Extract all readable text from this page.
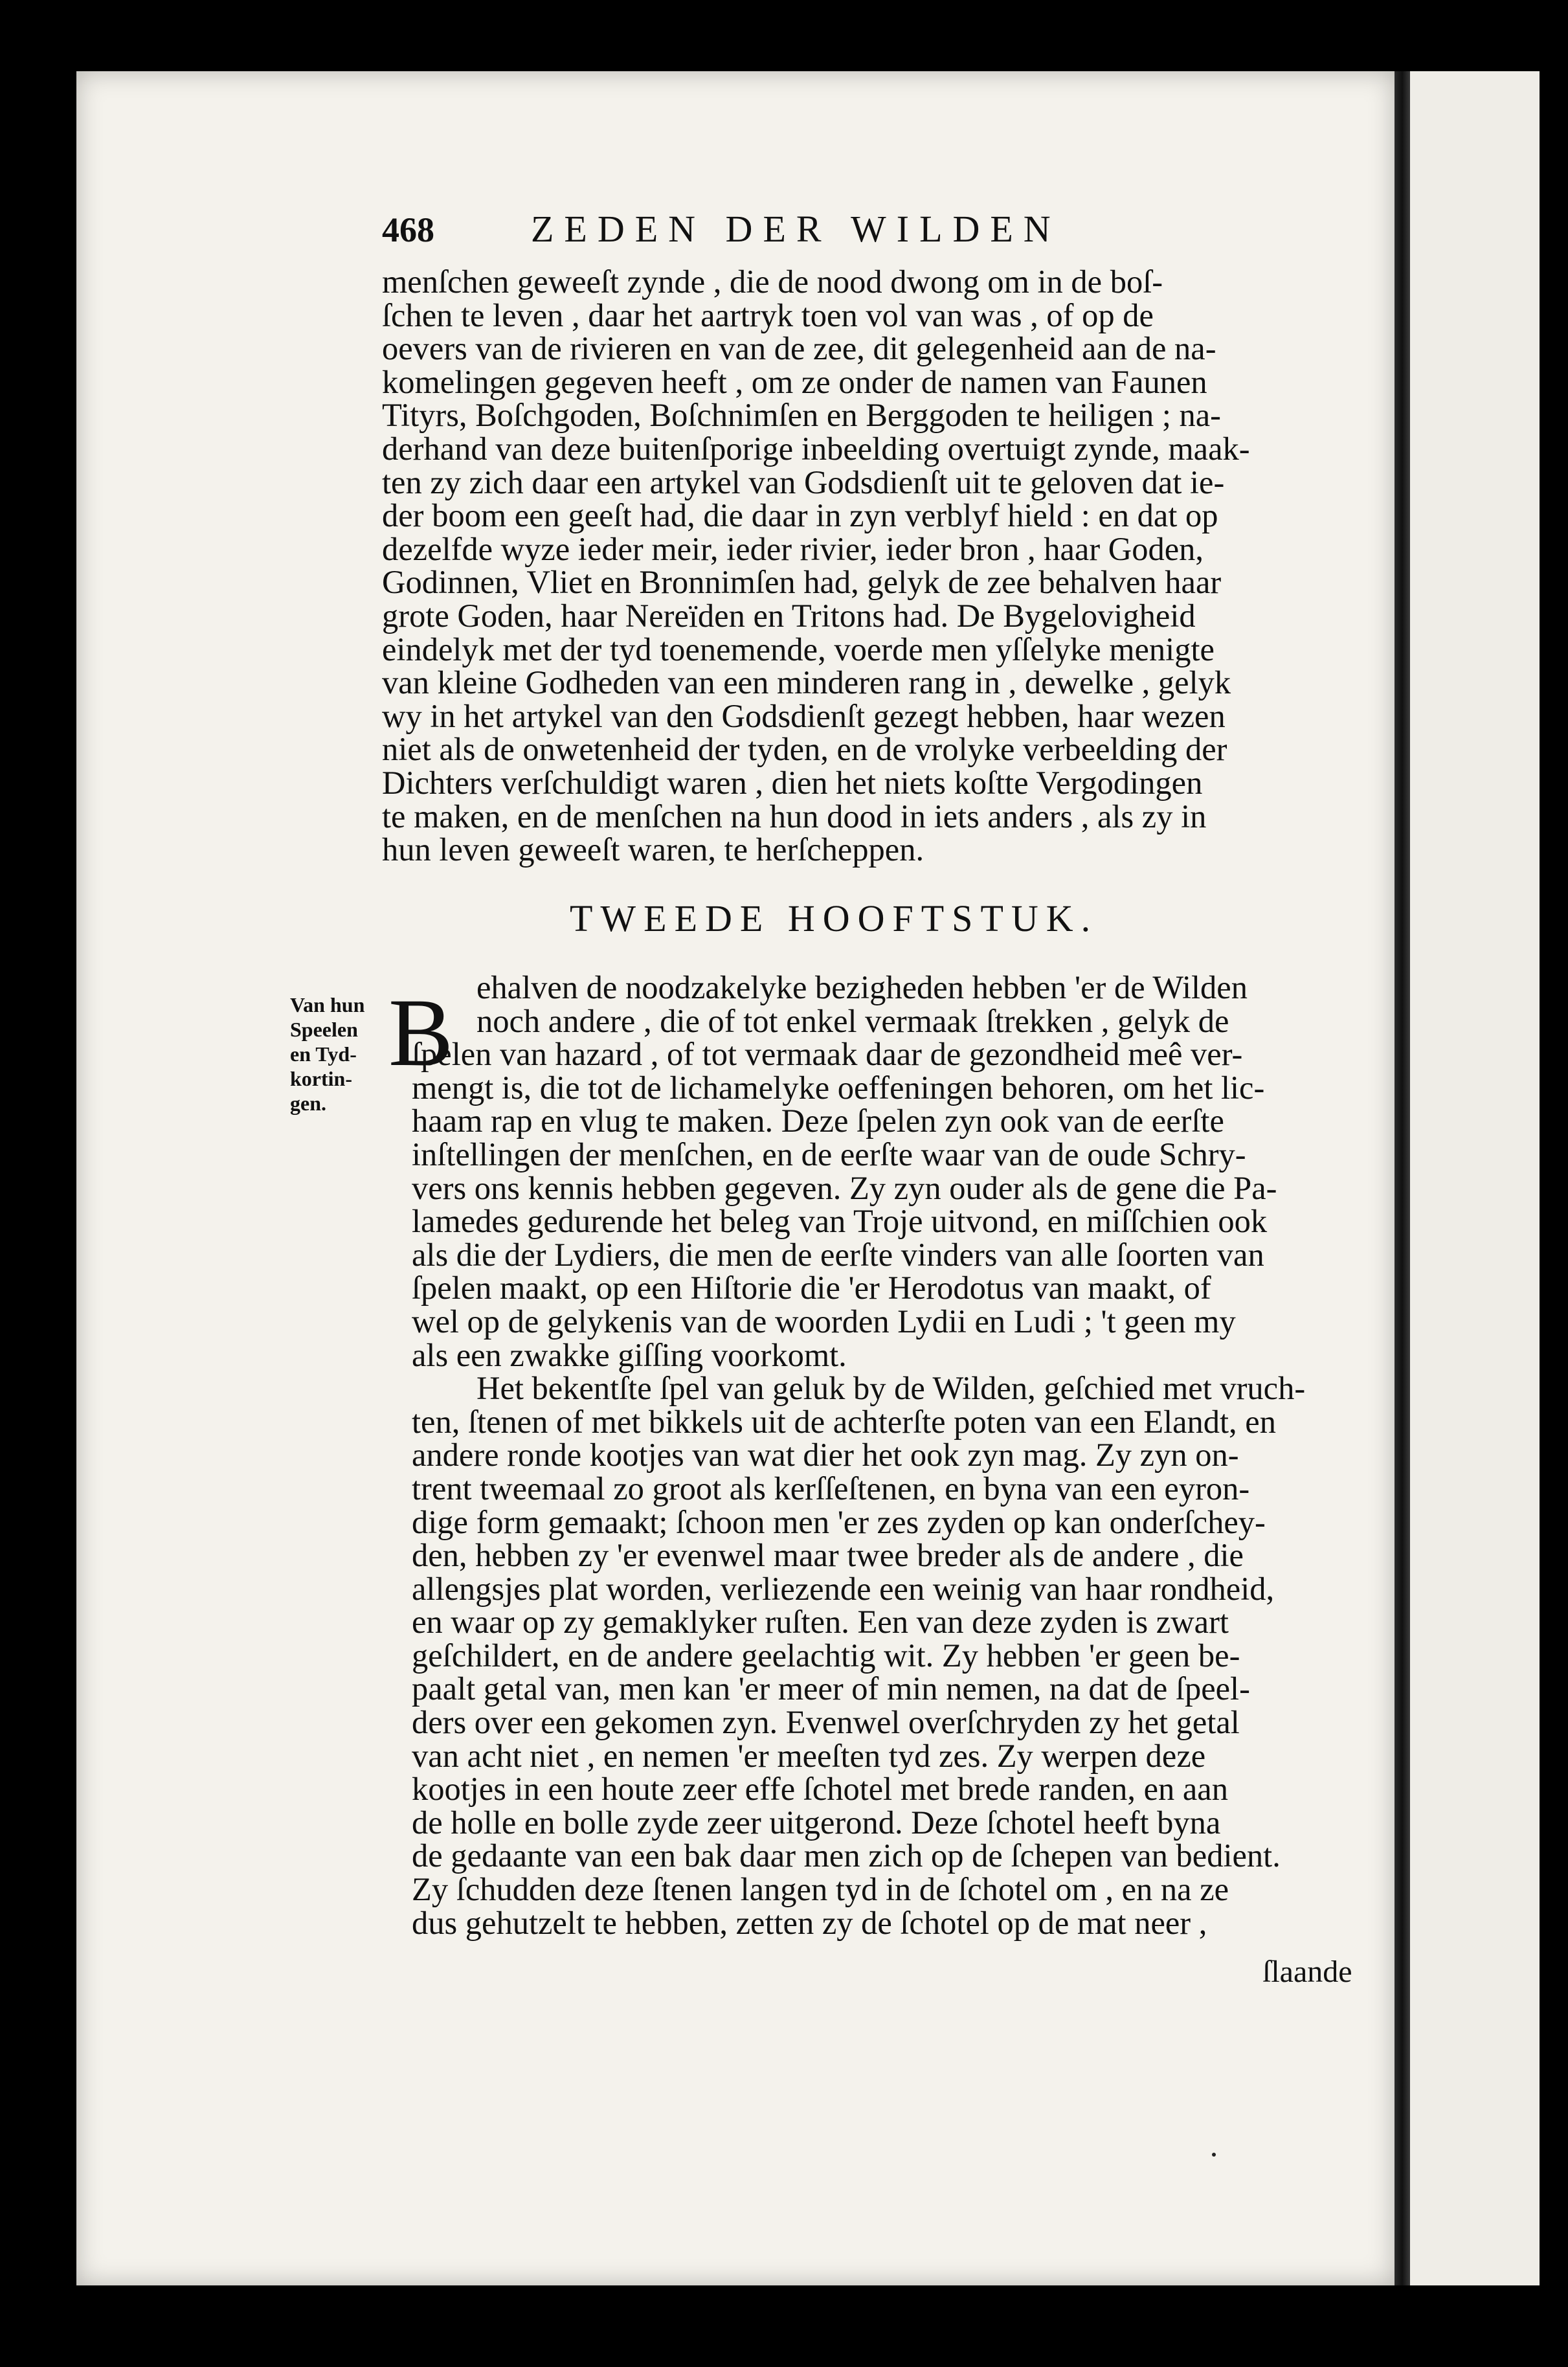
468	ZEDEN DER WILDEN
menſchen geweeſt zynde , die de nood dwong om in de boſ-
ſchen te leven , daar het aartryk toen vol van was , of op de
oevers van de rivieren en van de zee, dit gelegenheid aan de na-
komelingen gegeven heeft , om ze onder de namen van Faunen
Tityrs, Boſchgoden, Boſchnimſen en Berggoden te heiligen ; na-
derhand van deze buitenſporige inbeelding overtuigt zynde, maak-
ten zy zich daar een artykel van Godsdienſt uit te geloven dat ie-
der boom een geeſt had, die daar in zyn verblyf hield : en dat op
dezelfde wyze ieder meir, ieder rivier, ieder bron , haar Goden,
Godinnen, Vliet en Bronnimſen had, gelyk de zee behalven haar
grote Goden, haar Nereïden en Tritons had. De Bygelovigheid
eindelyk met der tyd toenemende, voerde men yſſelyke menigte
van kleine Godheden van een minderen rang in , dewelke , gelyk
wy in het artykel van den Godsdienſt gezegt hebben, haar wezen
niet als de onwetenheid der tyden, en de vrolyke verbeelding der
Dichters verſchuldigt waren , dien het niets koſtte Vergodingen
te maken, en de menſchen na hun dood in iets anders , als zy in
hun leven geweeſt waren, te herſcheppen.
TWEEDE HOOFTSTUK.
Van hun
Speelen
en Tyd-
kortin-
gen.
B ehalven de noodzakelyke bezigheden hebben 'er de Wilden
noch andere , die of tot enkel vermaak ſtrekken , gelyk de
ſpelen van hazard , of tot vermaak daar de gezondheid meê ver-
mengt is, die tot de lichamelyke oeffeningen behoren, om het lic-
haam rap en vlug te maken. Deze ſpelen zyn ook van de eerſte
inſtellingen der menſchen, en de eerſte waar van de oude Schry-
vers ons kennis hebben gegeven. Zy zyn ouder als de gene die Pa-
lamedes gedurende het beleg van Troje uitvond, en miſſchien ook
als die der Lydiers, die men de eerſte vinders van alle ſoorten van
ſpelen maakt, op een Hiſtorie die 'er Herodotus van maakt, of
wel op de gelykenis van de woorden Lydii en Ludi ; 't geen my
als een zwakke giſſing voorkomt.
Het bekentſte ſpel van geluk by de Wilden, geſchied met vruch-
ten, ſtenen of met bikkels uit de achterſte poten van een Elandt, en
andere ronde kootjes van wat dier het ook zyn mag. Zy zyn on-
trent tweemaal zo groot als kerſſeſtenen, en byna van een eyron-
dige form gemaakt; ſchoon men 'er zes zyden op kan onderſchey-
den, hebben zy 'er evenwel maar twee breder als de andere , die
allengsjes plat worden, verliezende een weinig van haar rondheid,
en waar op zy gemaklyker ruſten. Een van deze zyden is zwart
geſchildert, en de andere geelachtig wit. Zy hebben 'er geen be-
paalt getal van, men kan 'er meer of min nemen, na dat de ſpeel-
ders over een gekomen zyn. Evenwel overſchryden zy het getal
van acht niet , en nemen 'er meeſten tyd zes. Zy werpen deze
kootjes in een houte zeer effe ſchotel met brede randen, en aan
de holle en bolle zyde zeer uitgerond. Deze ſchotel heeft byna
de gedaante van een bak daar men zich op de ſchepen van bedient.
Zy ſchudden deze ſtenen langen tyd in de ſchotel om , en na ze
dus gehutzelt te hebben, zetten zy de ſchotel op de mat neer ,
ſlaande
